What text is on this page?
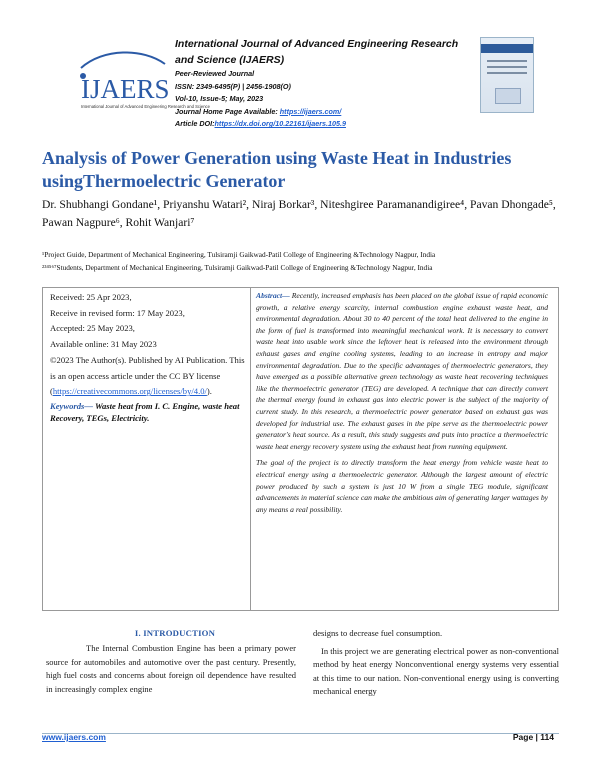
IJAERS
International Journal of Advanced Engineering Research and Science
International Journal of Advanced Engineering Research and Science (IJAERS)
Peer-Reviewed Journal
ISSN: 2349-6495(P) | 2456-1908(O)
Vol-10, Issue-5; May, 2023
Journal Home Page Available: https://ijaers.com/
Article DOI:https://dx.doi.org/10.22161/ijaers.105.9
Analysis of Power Generation using Waste Heat in Industries usingThermoelectric Generator
Dr. Shubhangi Gondane¹, Priyanshu Watari², Niraj Borkar³, Niteshgiree Paramanandigiree⁴, Pavan Dhongade⁵, Pawan Nagpure⁶, Rohit Wanjari⁷
¹Project Guide, Department of Mechanical Engineering, Tulsiramji Gaikwad-Patil College of Engineering &Technology Nagpur, India
²³⁴⁵⁶⁷Students, Department of Mechanical Engineering, Tulsiramji Gaikwad-Patil College of Engineering &Technology Nagpur, India
Received: 25 Apr 2023,
Receive in revised form: 17 May 2023,
Accepted: 25 May 2023,
Available online: 31 May 2023
©2023 The Author(s). Published by AI Publication. This is an open access article under the CC BY license
(https://creativecommons.org/licenses/by/4.0/).
Keywords— Waste heat from I. C. Engine, waste heat Recovery, TEGs, Electricity.

Abstract— Recently, increased emphasis has been placed on the global issue of rapid economic growth, a relative energy scarcity, internal combustion engine exhaust waste heat, and environmental degradation. About 30 to 40 percent of the total heat delivered to the engine in the form of fuel is transformed into meaningful mechanical work. It is necessary to convert waste heat into usable work since the leftover heat is released into the environment through exhaust gases and engine cooling systems, leading to an increase in entropy and major environmental degradation. Due to the specific advantages of thermoelectric generators, they have emerged as a possible alternative green technology as waste heat recovering techniques like the thermoelectric generator (TEG) are developed. A technique that can directly convert the thermal energy found in exhaust gas into electric power is the subject of the majority of current study. In this research, a thermoelectric power generator based on exhaust gas was developed for industrial use. The exhaust gases in the pipe serve as the thermoelectric power generator's heat source. As a result, this study suggests and puts into practice a thermoelectric waste heat energy recovery system using the exhaust heat from running equipment.

The goal of the project is to directly transform the heat energy from vehicle waste heat to electrical energy using a thermoelectric generator. Although the largest amount of electric power produced by such a system is just 10 W from a single TEG module, significant advancements in material science can make the ambitious aim of generating larger wattages by any means a real possibility.

I. INTRODUCTION

The Internal Combustion Engine has been a primary power source for automobiles and automotive over the past century. Presently, high fuel costs and concerns about foreign oil dependence have resulted in increasingly complex engine

designs to decrease fuel consumption.

In this project we are generating electrical power as non-conventional method by heat energy Nonconventional energy systems very essential at this time to our nation. Non-conventional energy using is converting mechanical energy

www.ijaers.com	Page | 114
